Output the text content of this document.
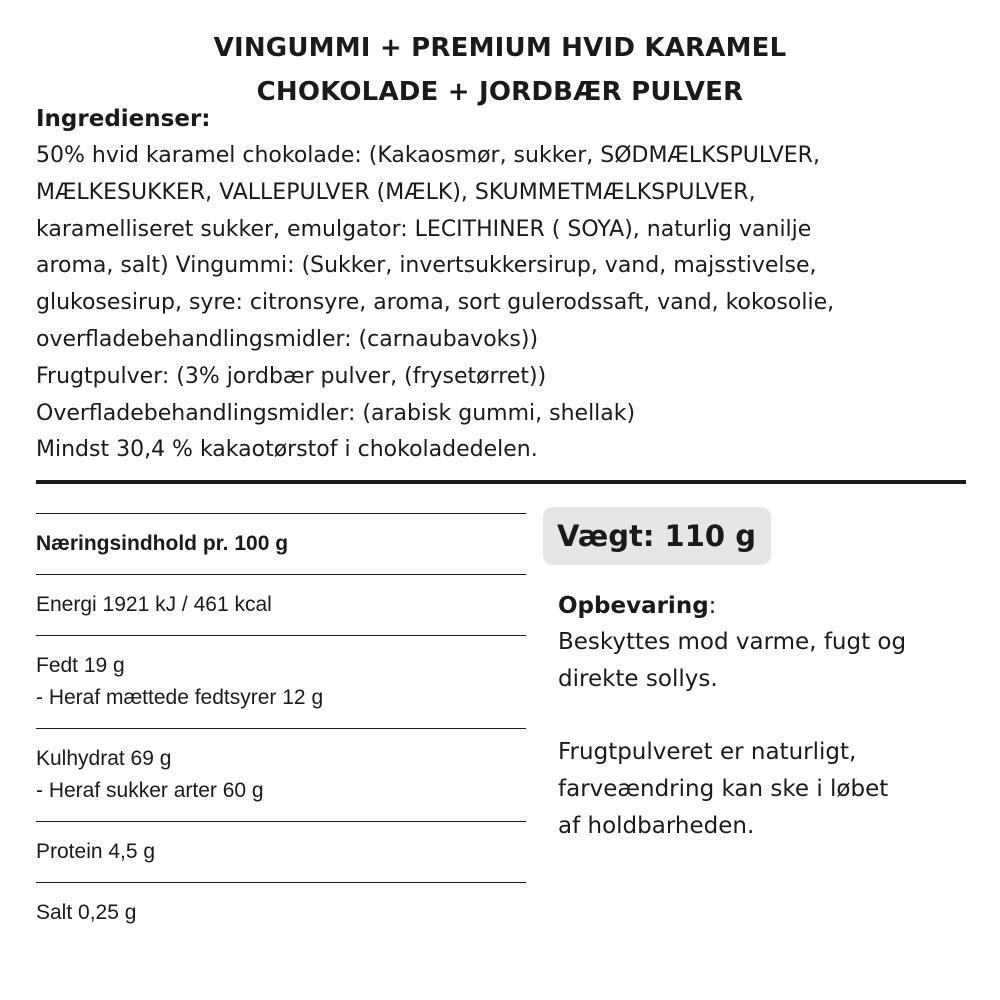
VINGUMMI + PREMIUM HVID KARAMEL
CHOKOLADE + JORDBÆR PULVER

Ingredienser:

50% hvid karamel chokolade: (Kakaosmør, sukker, SØDMÆLKSPULVER,
MÆLKESUKKER, VALLEPULVER (MÆLK), SKUMMETMÆLKSPULVER,
karamelliseret sukker, emulgator: LECITHINER ( SOYA), naturlig vanilje
aroma, salt) Vingummi: (Sukker, invertsukkersirup, vand, majsstivelse,
glukosesirup, syre: citronsyre, aroma, sort gulerodssaft, vand, kokosolie,
overfladebehandlingsmidler: (carnaubavoks))
Frugtpulver: (3% jordbær pulver, (frysetørret))
Overfladebehandlingsmidler: (arabisk gummi, shellak)
Mindst 30,4 % kakaotørstof i chokoladedelen.

Næringsindhold pr. 100 g
Energi 1921 kJ / 461 kcal
Fedt 19 g
- Heraf mættede fedtsyrer 12 g
Kulhydrat 69 g
- Heraf sukker arter 60 g
Protein 4,5 g
Salt 0,25 g
Vægt: 110 g

Opbevaring:

Beskyttes mod varme, fugt og
direkte sollys.

Frugtpulveret er naturligt,
farveændring kan ske i løbet
af holdbarheden.
